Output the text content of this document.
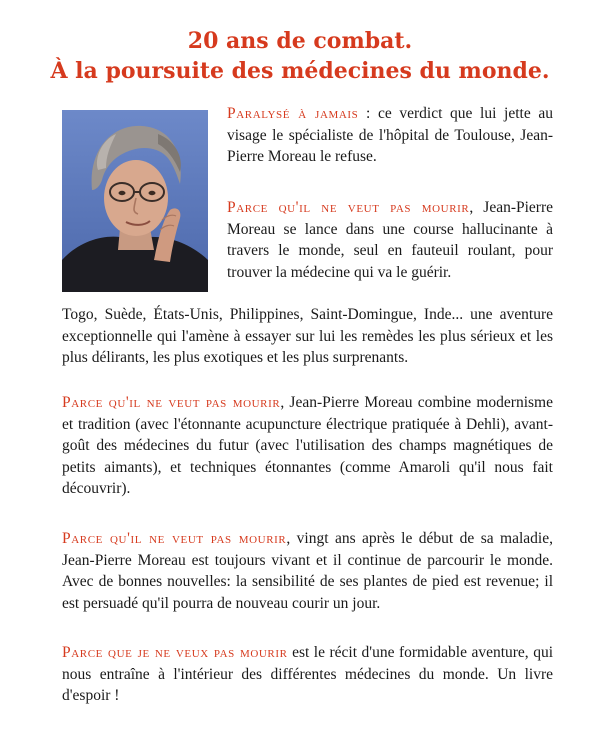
20 ans de combat.
À la poursuite des médecines du monde.

Paralysé à jamais : ce verdict que lui jette au visage le spécialiste de l'hôpital de Toulouse, Jean-Pierre Moreau le refuse.

Parce qu'il ne veut pas mourir, Jean-Pierre Moreau se lance dans une course hallucinante à travers le monde, seul en fauteuil roulant, pour trouver la médecine qui va le guérir.

Togo, Suède, États-Unis, Philippines, Saint-Domingue, Inde... une aventure exceptionnelle qui l'amène à essayer sur lui les remèdes les plus sérieux et les plus délirants, les plus exotiques et les plus surprenants.

Parce qu'il ne veut pas mourir, Jean-Pierre Moreau combine modernisme et tradition (avec l'étonnante acupuncture électrique pratiquée à Dehli), avant-goût des médecines du futur (avec l'utilisation des champs magnétiques de petits aimants), et techniques étonnantes (comme Amaroli qu'il nous fait découvrir).

Parce qu'il ne veut pas mourir, vingt ans après le début de sa maladie, Jean-Pierre Moreau est toujours vivant et il continue de parcourir le monde. Avec de bonnes nouvelles: la sensibilité de ses plantes de pied est revenue; il est persuadé qu'il pourra de nouveau courir un jour.

Parce que je ne veux pas mourir est le récit d'une formidable aventure, qui nous entraîne à l'intérieur des différentes médecines du monde. Un livre d'espoir !
